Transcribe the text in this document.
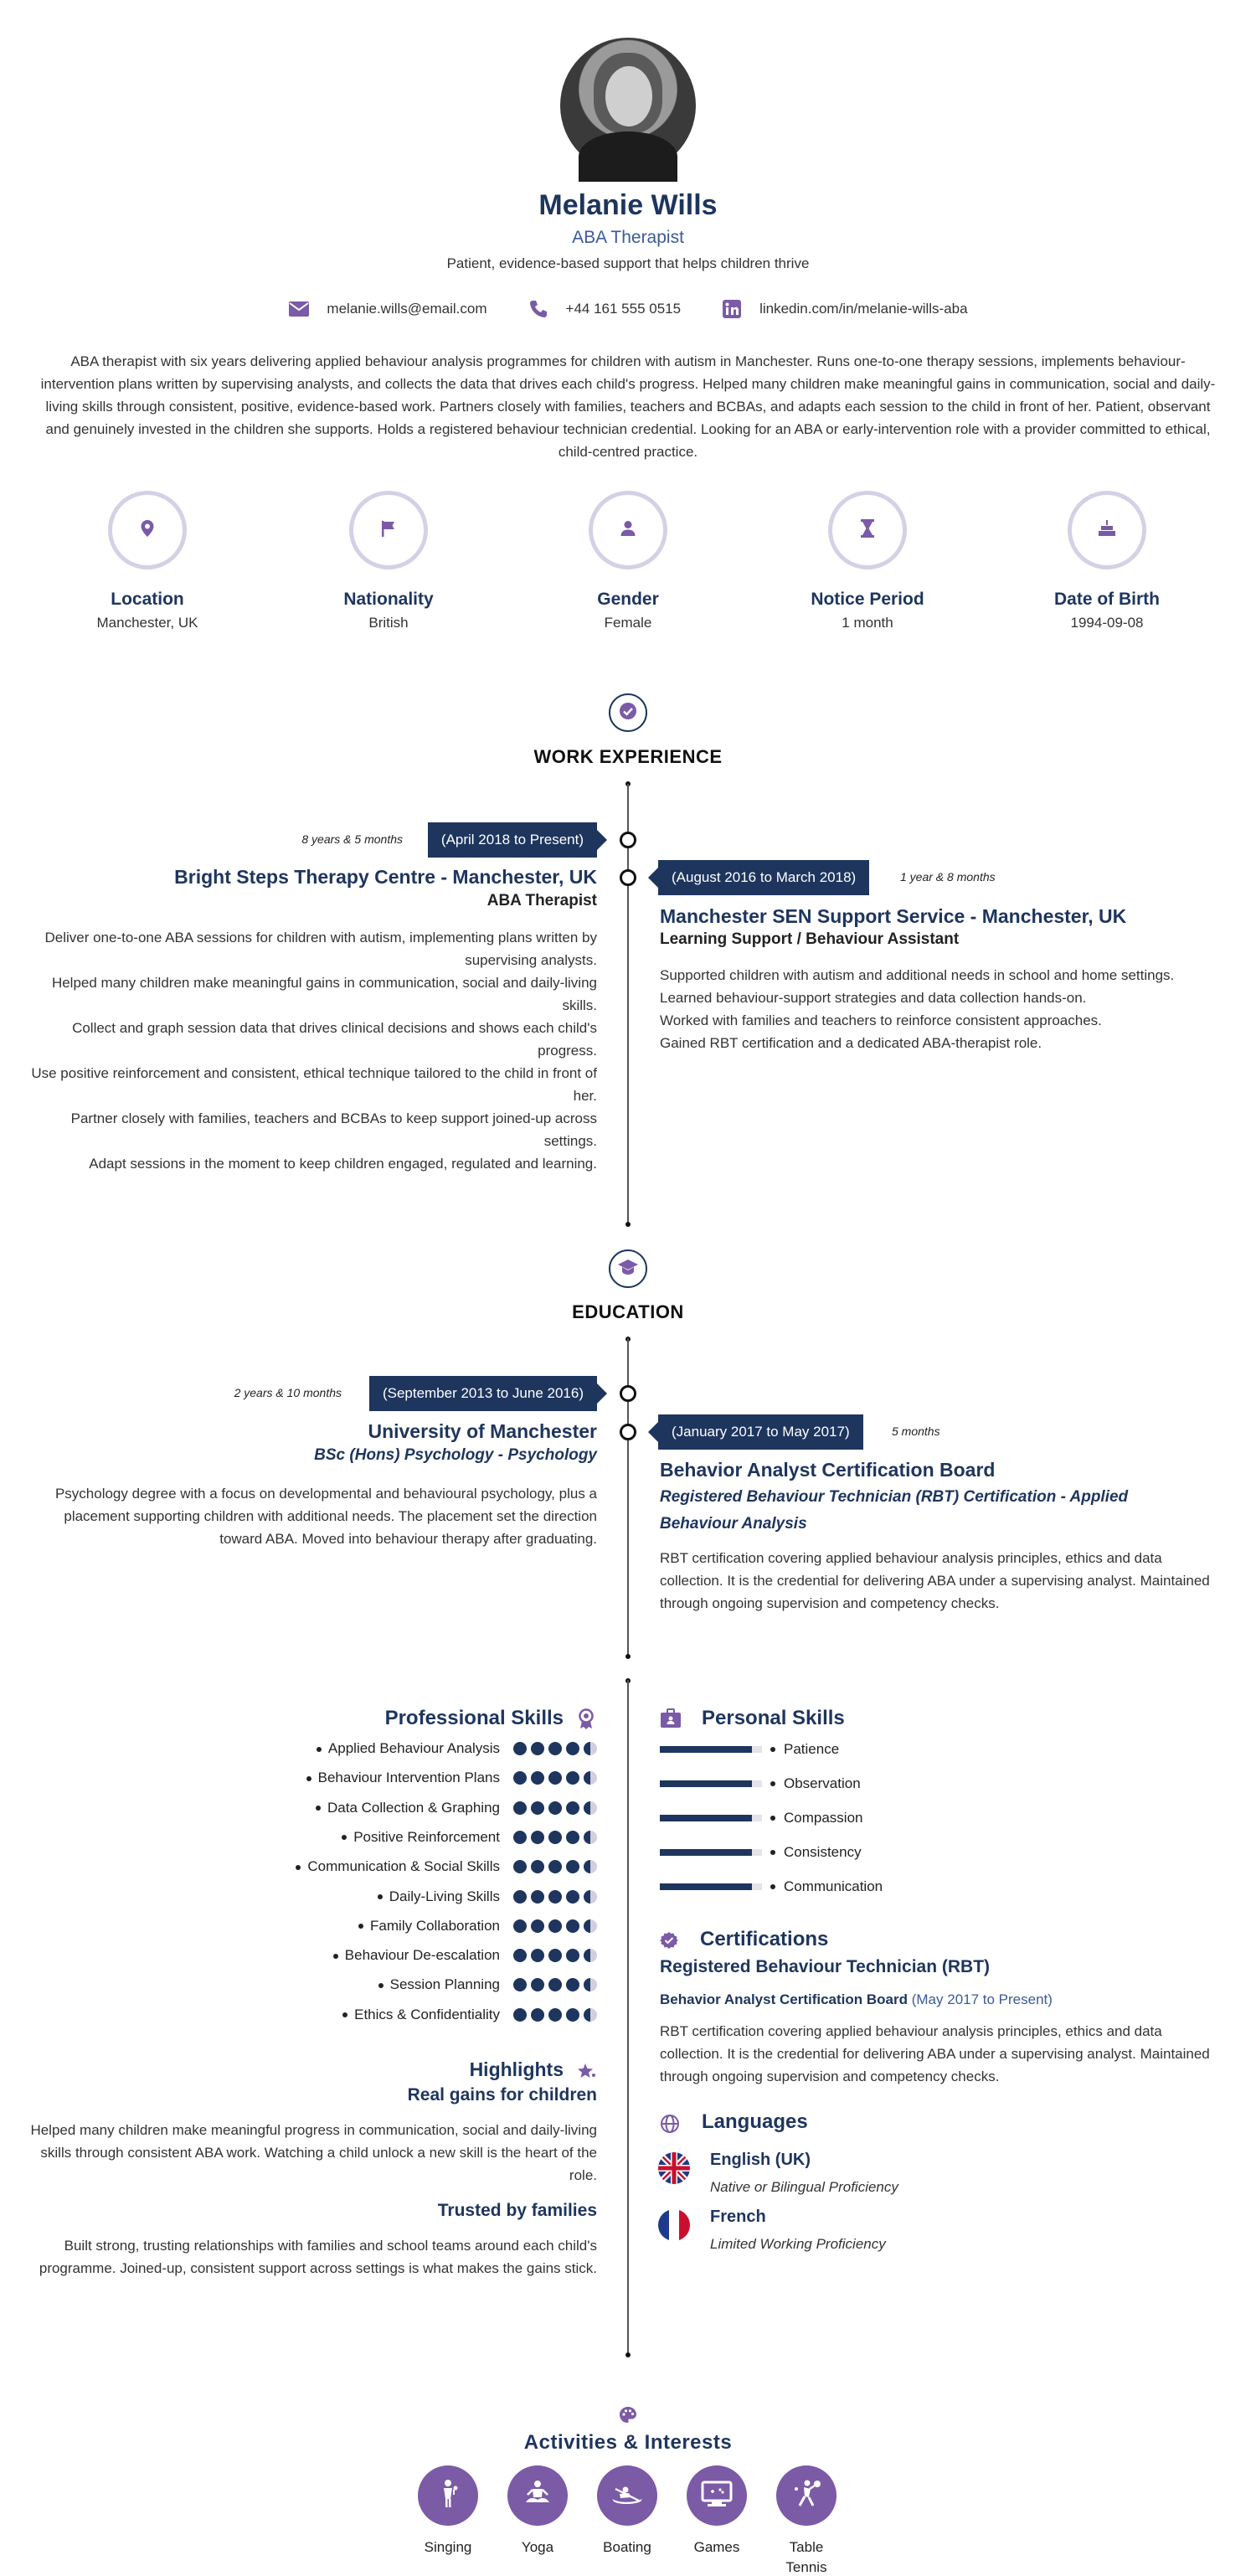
Melanie Wills
ABA Therapist
Patient, evidence-based support that helps children thrive
melanie.wills@email.com	+44 161 555 0515	linkedin.com/in/melanie-wills-aba
ABA therapist with six years delivering applied behaviour analysis programmes for children with autism in Manchester. Runs one-to-one therapy sessions, implements behaviour-intervention plans written by supervising analysts, and collects the data that drives each child's progress. Helped many children make meaningful gains in communication, social and daily-living skills through consistent, positive, evidence-based work. Partners closely with families, teachers and BCBAs, and adapts each session to the child in front of her. Patient, observant and genuinely invested in the children she supports. Holds a registered behaviour technician credential. Looking for an ABA or early-intervention role with a provider committed to ethical, child-centred practice.
Location
Manchester, UK
Nationality
British
Gender
Female
Notice Period
1 month
Date of Birth
1994-09-08
WORK EXPERIENCE
8 years & 5 months	(April 2018 to Present)
Bright Steps Therapy Centre - Manchester, UK
ABA Therapist
Deliver one-to-one ABA sessions for children with autism, implementing plans written by supervising analysts.
Helped many children make meaningful gains in communication, social and daily-living skills.
Collect and graph session data that drives clinical decisions and shows each child's progress.
Use positive reinforcement and consistent, ethical technique tailored to the child in front of her.
Partner closely with families, teachers and BCBAs to keep support joined-up across settings.
Adapt sessions in the moment to keep children engaged, regulated and learning.
(August 2016 to March 2018)	1 year & 8 months
Manchester SEN Support Service - Manchester, UK
Learning Support / Behaviour Assistant
Supported children with autism and additional needs in school and home settings.
Learned behaviour-support strategies and data collection hands-on.
Worked with families and teachers to reinforce consistent approaches.
Gained RBT certification and a dedicated ABA-therapist role.
EDUCATION
2 years & 10 months	(September 2013 to June 2016)
University of Manchester
BSc (Hons) Psychology - Psychology
Psychology degree with a focus on developmental and behavioural psychology, plus a placement supporting children with additional needs. The placement set the direction toward ABA. Moved into behaviour therapy after graduating.
(January 2017 to May 2017)	5 months
Behavior Analyst Certification Board
Registered Behaviour Technician (RBT) Certification - Applied Behaviour Analysis
RBT certification covering applied behaviour analysis principles, ethics and data collection. It is the credential for delivering ABA under a supervising analyst. Maintained through ongoing supervision and competency checks.
Professional Skills
Applied Behaviour Analysis
Behaviour Intervention Plans
Data Collection & Graphing
Positive Reinforcement
Communication & Social Skills
Daily-Living Skills
Family Collaboration
Behaviour De-escalation
Session Planning
Ethics & Confidentiality
Highlights
Real gains for children
Helped many children make meaningful progress in communication, social and daily-living skills through consistent ABA work. Watching a child unlock a new skill is the heart of the role.
Trusted by families
Built strong, trusting relationships with families and school teams around each child's programme. Joined-up, consistent support across settings is what makes the gains stick.
Personal Skills
Patience
Observation
Compassion
Consistency
Communication
Certifications
Registered Behaviour Technician (RBT)
Behavior Analyst Certification Board (May 2017 to Present)
RBT certification covering applied behaviour analysis principles, ethics and data collection. It is the credential for delivering ABA under a supervising analyst. Maintained through ongoing supervision and competency checks.
Languages
English (UK)
Native or Bilingual Proficiency
French
Limited Working Proficiency
Activities & Interests
Singing	Yoga	Boating	Games	Table Tennis
